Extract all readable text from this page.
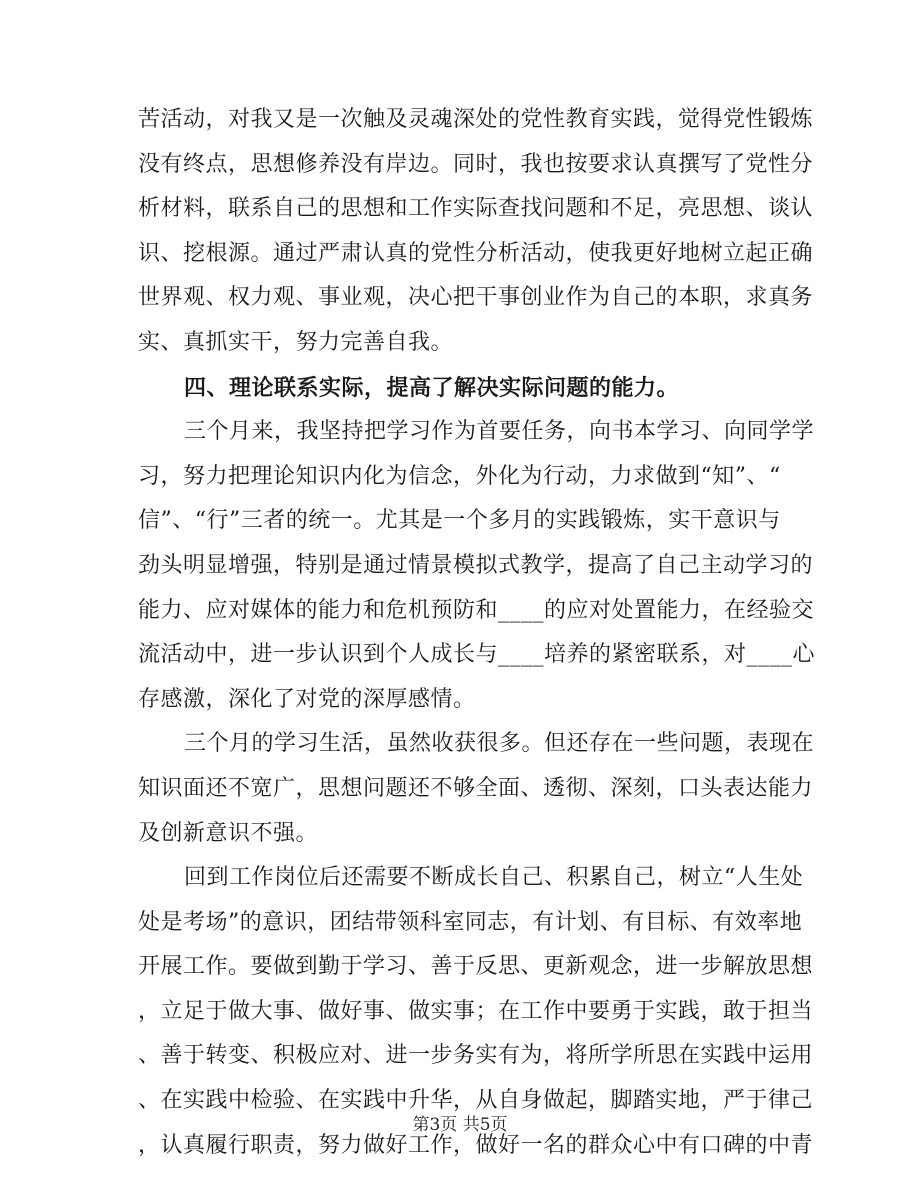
苦活动，对我又是一次触及灵魂深处的党性教育实践，觉得党性锻炼
没有终点，思想修养没有岸边。同时，我也按要求认真撰写了党性分
析材料，联系自己的思想和工作实际查找问题和不足，亮思想、谈认
识、挖根源。通过严肃认真的党性分析活动，使我更好地树立起正确
世界观、权力观、事业观，决心把干事创业作为自己的本职，求真务
实、真抓实干，努力完善自我。
四、理论联系实际，提高了解决实际问题的能力。
三个月来，我坚持把学习作为首要任务，向书本学习、向同学学
习，努力把理论知识内化为信念，外化为行动，力求做到“知”、“
信”、“行”三者的统一。尤其是一个多月的实践锻炼，实干意识与
劲头明显增强，特别是通过情景模拟式教学，提高了自己主动学习的
能力、应对媒体的能力和危机预防和____的应对处置能力，在经验交
流活动中，进一步认识到个人成长与____培养的紧密联系，对____心
存感激，深化了对党的深厚感情。
三个月的学习生活，虽然收获很多。但还存在一些问题，表现在
知识面还不宽广，思想问题还不够全面、透彻、深刻，口头表达能力
及创新意识不强。
回到工作岗位后还需要不断成长自己、积累自己，树立“人生处
处是考场”的意识，团结带领科室同志，有计划、有目标、有效率地
开展工作。要做到勤于学习、善于反思、更新观念，进一步解放思想
，立足于做大事、做好事、做实事；在工作中要勇于实践，敢于担当
、善于转变、积极应对、进一步务实有为，将所学所思在实践中运用
、在实践中检验、在实践中升华，从自身做起，脚踏实地，严于律己
，认真履行职责，努力做好工作，做好一名的群众心中有口碑的中青
第3页 共5页
